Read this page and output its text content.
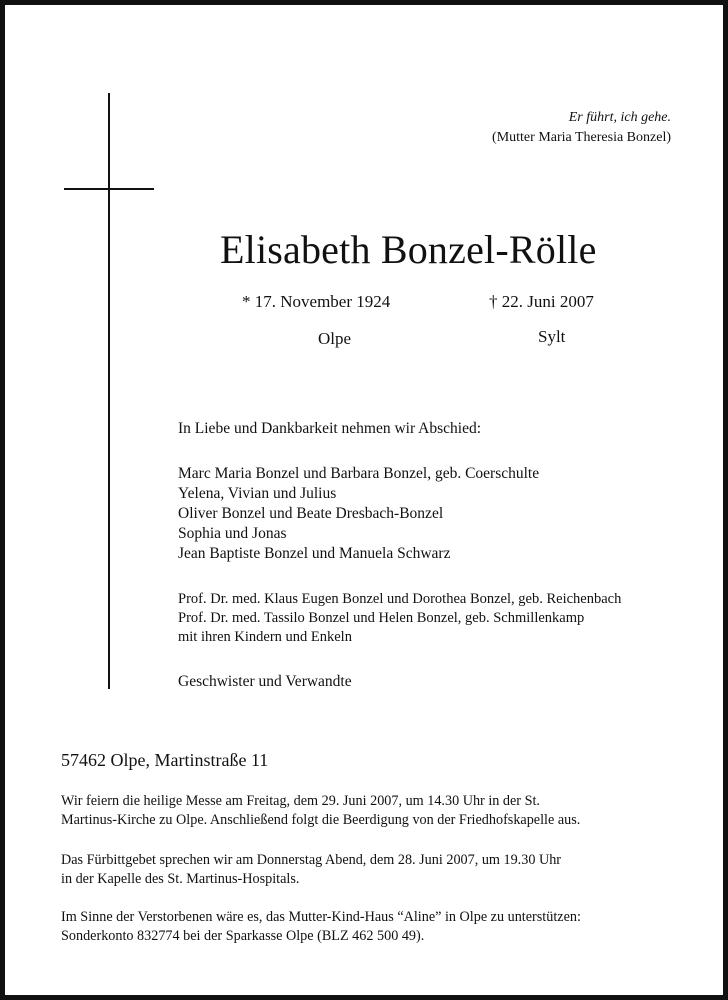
Er führt, ich gehe.
(Mutter Maria Theresia Bonzel)
Elisabeth Bonzel-Rölle
* 17. November 1924
Olpe
† 22. Juni 2007
Sylt
In Liebe und Dankbarkeit nehmen wir Abschied:
Marc Maria Bonzel und Barbara Bonzel, geb. Coerschulte
Yelena, Vivian und Julius
Oliver Bonzel und Beate Dresbach-Bonzel
Sophia und Jonas
Jean Baptiste Bonzel und Manuela Schwarz
Prof. Dr. med. Klaus Eugen Bonzel und Dorothea Bonzel, geb. Reichenbach
Prof. Dr. med. Tassilo Bonzel und Helen Bonzel, geb. Schmillenkamp
mit ihren Kindern und Enkeln
Geschwister und Verwandte
57462 Olpe, Martinstraße 11
Wir feiern die heilige Messe am Freitag, dem 29. Juni 2007, um 14.30 Uhr in der St.
Martinus-Kirche zu Olpe. Anschließend folgt die Beerdigung von der Friedhofskapelle aus.
Das Fürbittgebet sprechen wir am Donnerstag Abend, dem 28. Juni 2007, um 19.30 Uhr
in der Kapelle des St. Martinus-Hospitals.
Im Sinne der Verstorbenen wäre es, das Mutter-Kind-Haus “Aline” in Olpe zu unterstützen:
Sonderkonto 832774 bei der Sparkasse Olpe (BLZ 462 500 49).
